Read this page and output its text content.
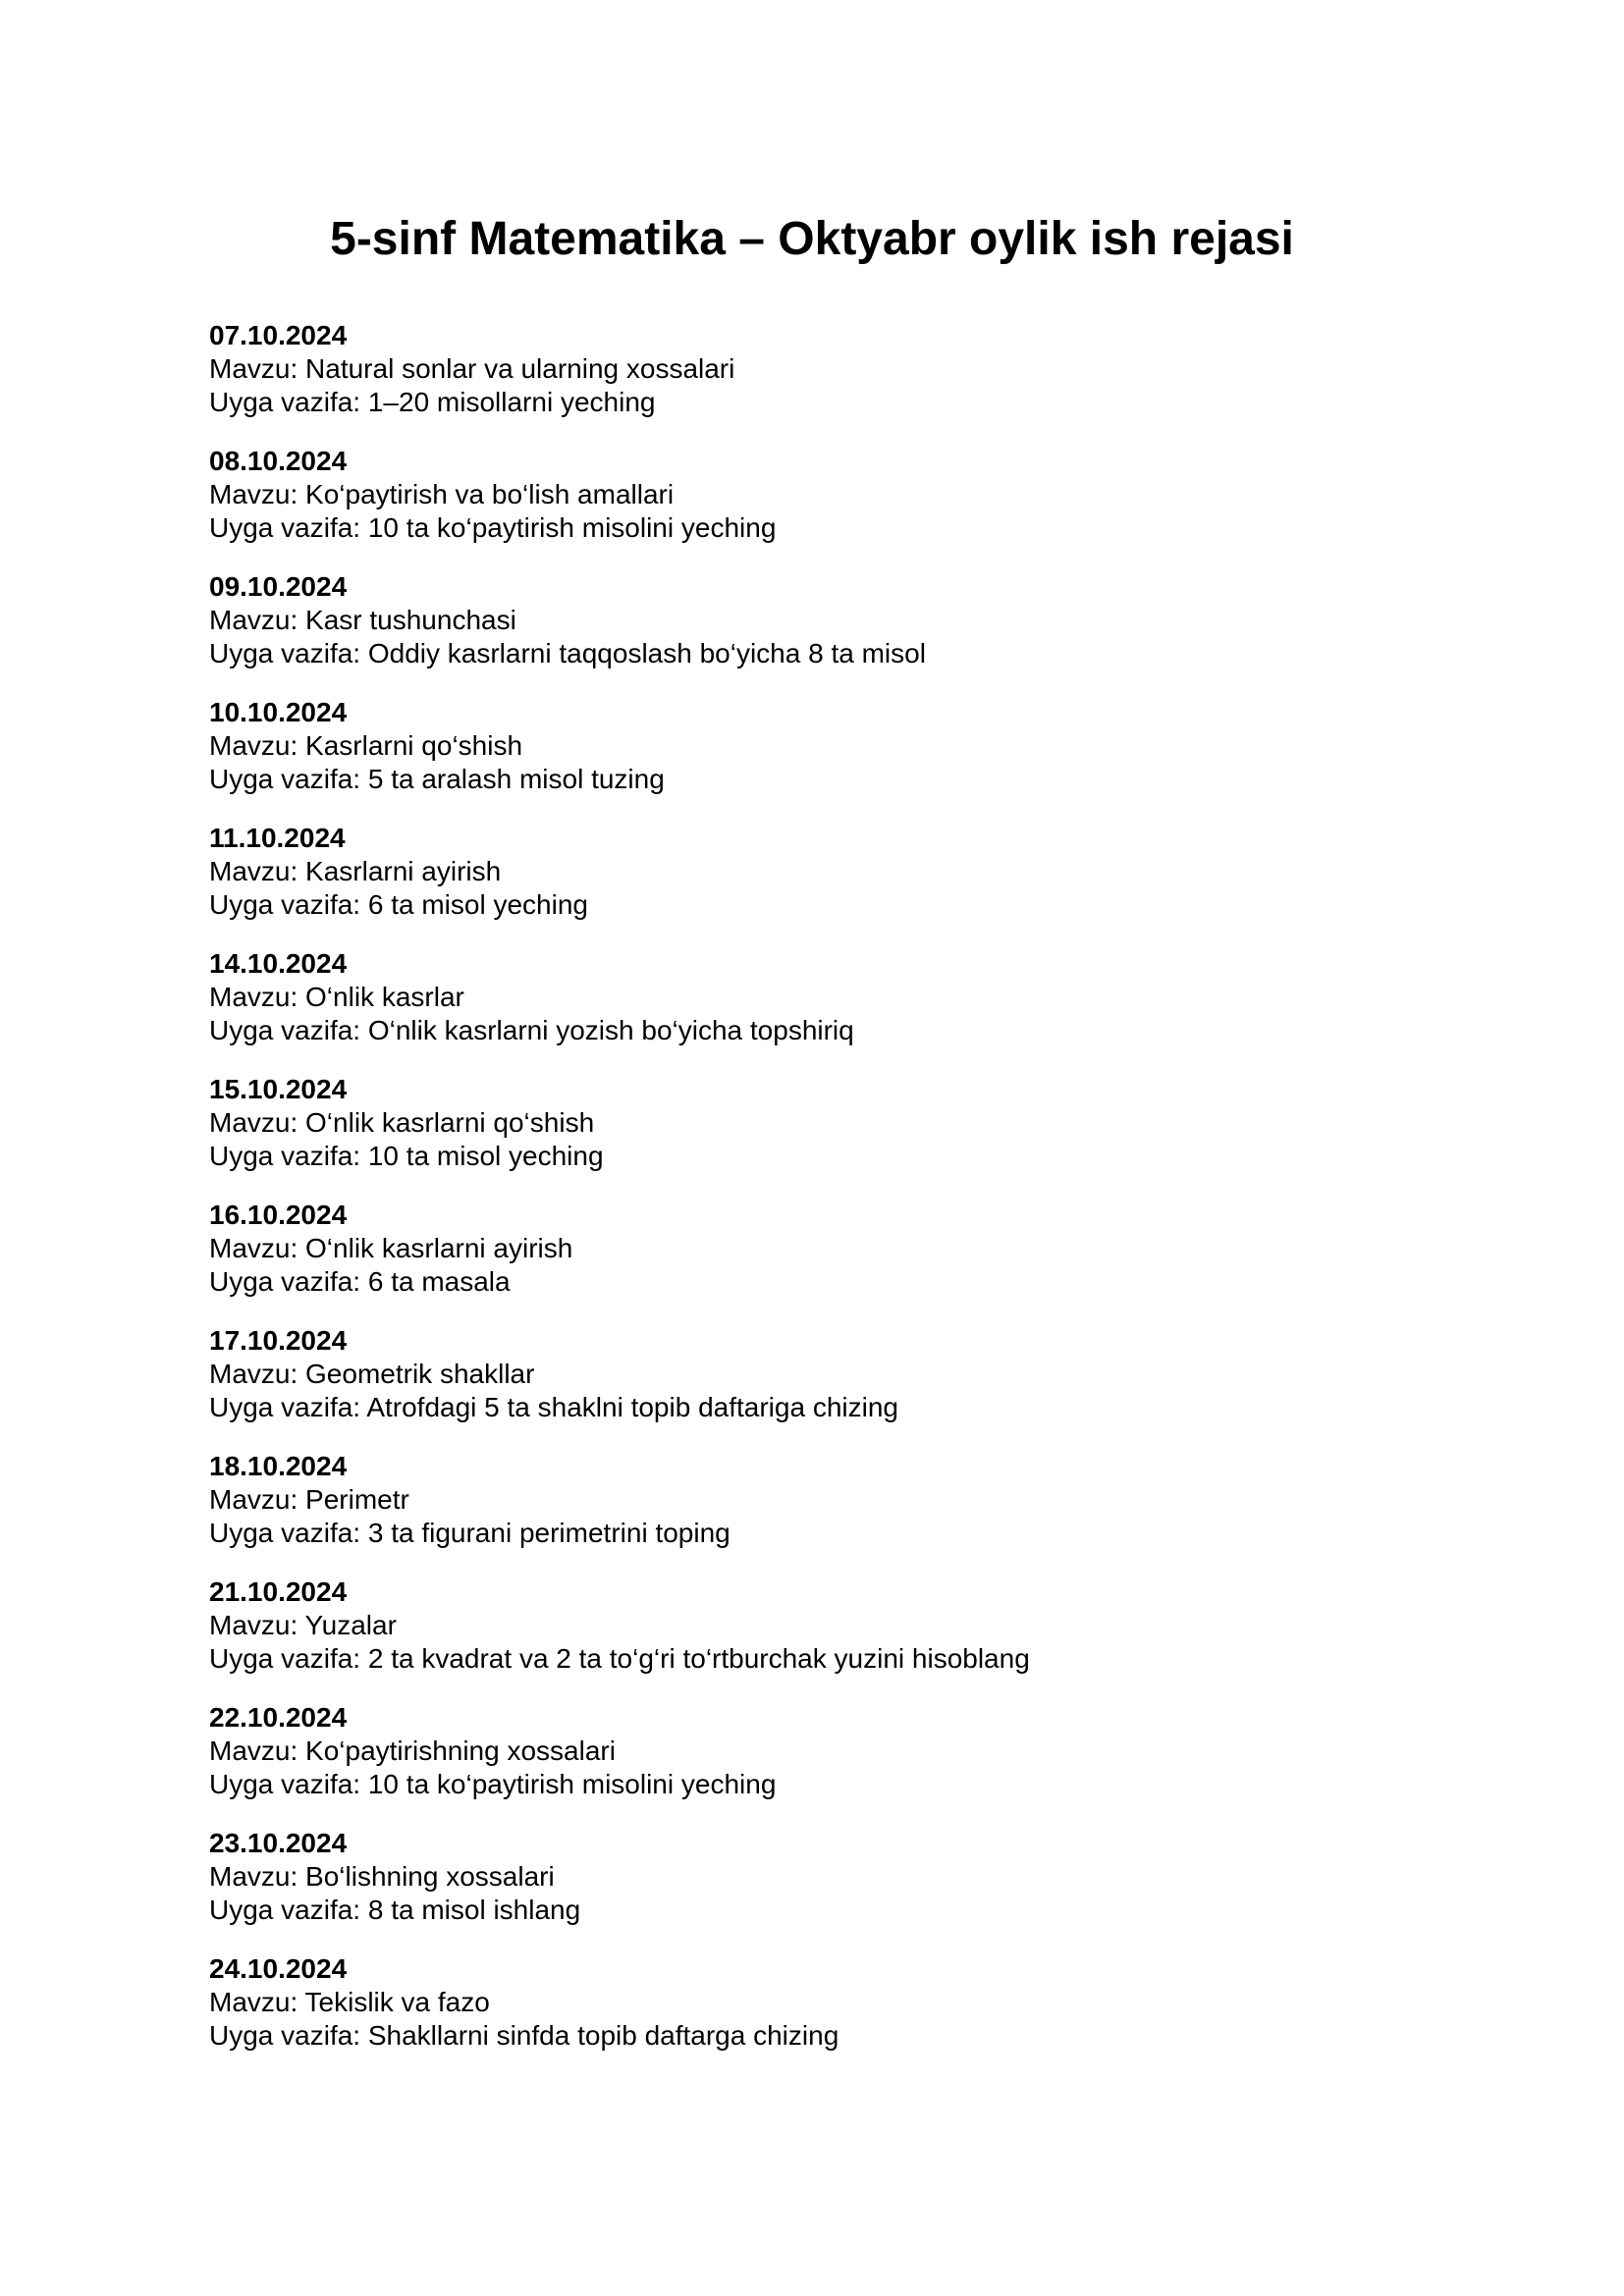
5-sinf Matematika – Oktyabr oylik ish rejasi
07.10.2024
Mavzu: Natural sonlar va ularning xossalari
Uyga vazifa: 1–20 misollarni yeching
08.10.2024
Mavzu: Ko‘paytirish va bo‘lish amallari
Uyga vazifa: 10 ta ko‘paytirish misolini yeching
09.10.2024
Mavzu: Kasr tushunchasi
Uyga vazifa: Oddiy kasrlarni taqqoslash bo‘yicha 8 ta misol
10.10.2024
Mavzu: Kasrlarni qo‘shish
Uyga vazifa: 5 ta aralash misol tuzing
11.10.2024
Mavzu: Kasrlarni ayirish
Uyga vazifa: 6 ta misol yeching
14.10.2024
Mavzu: O‘nlik kasrlar
Uyga vazifa: O‘nlik kasrlarni yozish bo‘yicha topshiriq
15.10.2024
Mavzu: O‘nlik kasrlarni qo‘shish
Uyga vazifa: 10 ta misol yeching
16.10.2024
Mavzu: O‘nlik kasrlarni ayirish
Uyga vazifa: 6 ta masala
17.10.2024
Mavzu: Geometrik shakllar
Uyga vazifa: Atrofdagi 5 ta shaklni topib daftariga chizing
18.10.2024
Mavzu: Perimetr
Uyga vazifa: 3 ta figurani perimetrini toping
21.10.2024
Mavzu: Yuzalar
Uyga vazifa: 2 ta kvadrat va 2 ta to‘g‘ri to‘rtburchak yuzini hisoblang
22.10.2024
Mavzu: Ko‘paytirishning xossalari
Uyga vazifa: 10 ta ko‘paytirish misolini yeching
23.10.2024
Mavzu: Bo‘lishning xossalari
Uyga vazifa: 8 ta misol ishlang
24.10.2024
Mavzu: Tekislik va fazo
Uyga vazifa: Shakllarni sinfda topib daftarga chizing
